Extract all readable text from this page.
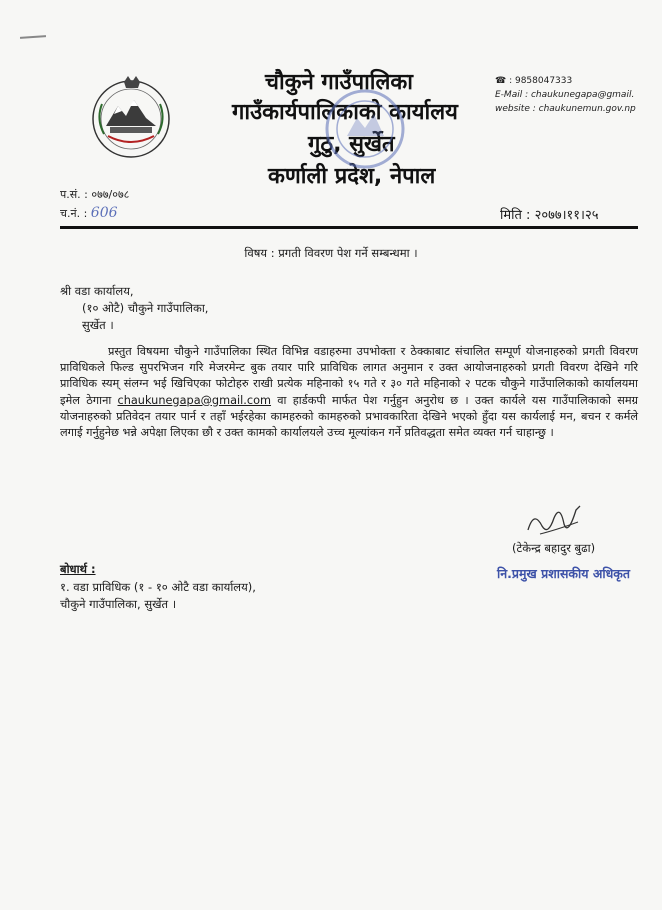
चौकुने गाउँपालिका
गाउँकार्यपालिकाको कार्यालय
गुठु, सुर्खेत
कर्णाली प्रदेश, नेपाल
☎ : 9858047333
E-Mail : chaukunegapa@gmail.
website : chaukunemun.gov.np
प.सं. : ०७७/०७८
च.नं. : 606	मिति : २०७७।११।२५
विषय : प्रगती विवरण पेश गर्ने सम्बन्धमा ।
श्री वडा कार्यालय,
(१० ओटै) चौकुने गाउँपालिका,
सुर्खेत ।
प्रस्तुत विषयमा चौकुने गाउँपालिका स्थित विभिन्न वडाहरुमा उपभोक्ता र ठेक्काबाट संचालित सम्पूर्ण योजनाहरुको प्रगती विवरण प्राविधिकले फिल्ड सुपरभिजन गरि मेजरमेन्ट बुक तयार पारि प्राविधिक लागत अनुमान र उक्त आयोजनाहरुको प्रगती विवरण देखिने गरि प्राविधिक स्यम् संलग्न भई खिचिएका फोटोहरु राखी प्रत्येक महिनाको १५ गते र ३० गते महिनाको २ पटक चौकुने गाउँपालिकाको कार्यालयमा इमेल ठेगाना chaukunegapa@gmail.com वा हार्डकपी मार्फत पेश गर्नुहुन अनुरोध छ । उक्त कार्यले यस गाउँपालिकाको समग्र योजनाहरुको प्रतिवेदन तयार पार्न र तहाँ भईरहेका कामहरुको कामहरुको प्रभावकारिता देखिने भएको हुँदा यस कार्यलाई मन, बचन र कर्मले लगाई गर्नुहुनेछ भन्ने अपेक्षा लिएका छौ र उक्त कामको कार्यालयले उच्च मूल्यांकन गर्ने प्रतिवद्धता समेत व्यक्त गर्न चाहान्छु ।
(टेकेन्द्र बहादुर बुढा)
नि.प्रमुख प्रशासकीय अधिकृत
बोधार्थ :
१. वडा प्राविधिक (१ - १० ओटै वडा कार्यालय),
चौकुने गाउँपालिका, सुर्खेत ।
